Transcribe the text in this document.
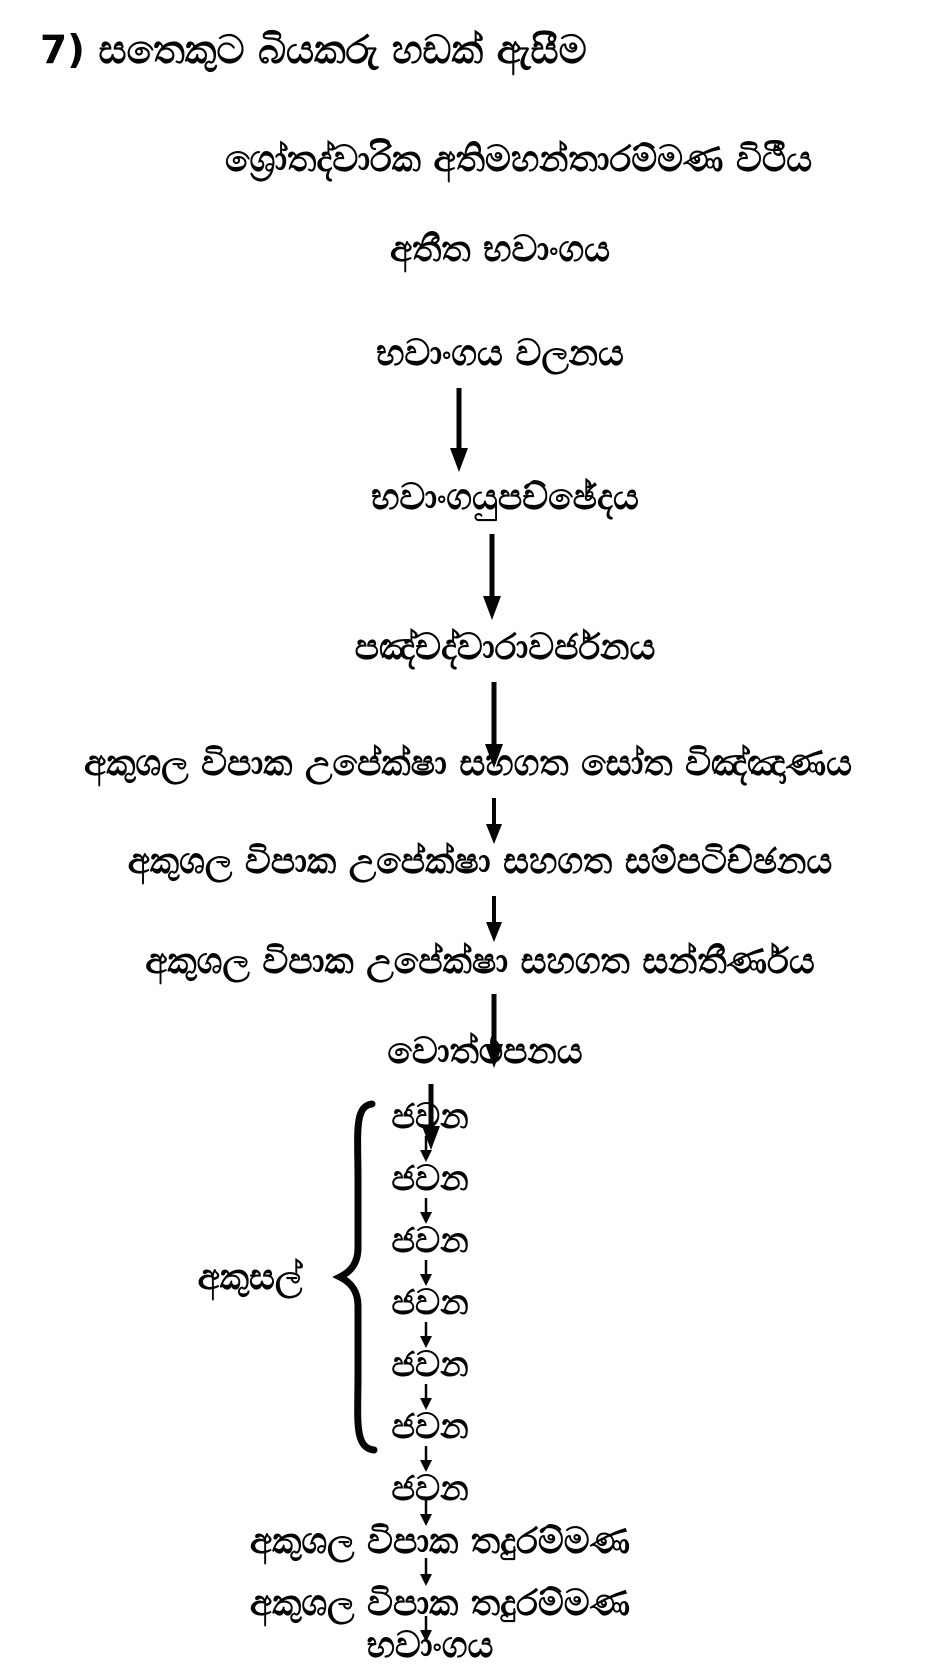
7) සතෙකුට බියකරු හඩක් ඇසීම
ශ්‍රෝතද්වාරික අතිමහන්තාරම්මණ විථීය
අතීත භවාංගය
භවාංගය වලනය
භවාංගයුපච්ඡේදය
පඤ්චද්වාරාවර්ජනය
අකුශල විපාක උපේක්ෂා සහගත සෝත විඤ්ඤාණය
අකුශල විපාක උපේක්ෂා සහගත සම්පටිච්ඡනය
අකුශල විපාක උපේක්ෂා සහගත සන්තීර්ණය
වොත්ථපනය
ජවන
ජවන
ජවන
ජවන
ජවන
ජවන
ජවන
අකුසල්
අකුශල විපාක තදුරම්මණ
අකුශල විපාක තදුරම්මණ
භවාංගය
